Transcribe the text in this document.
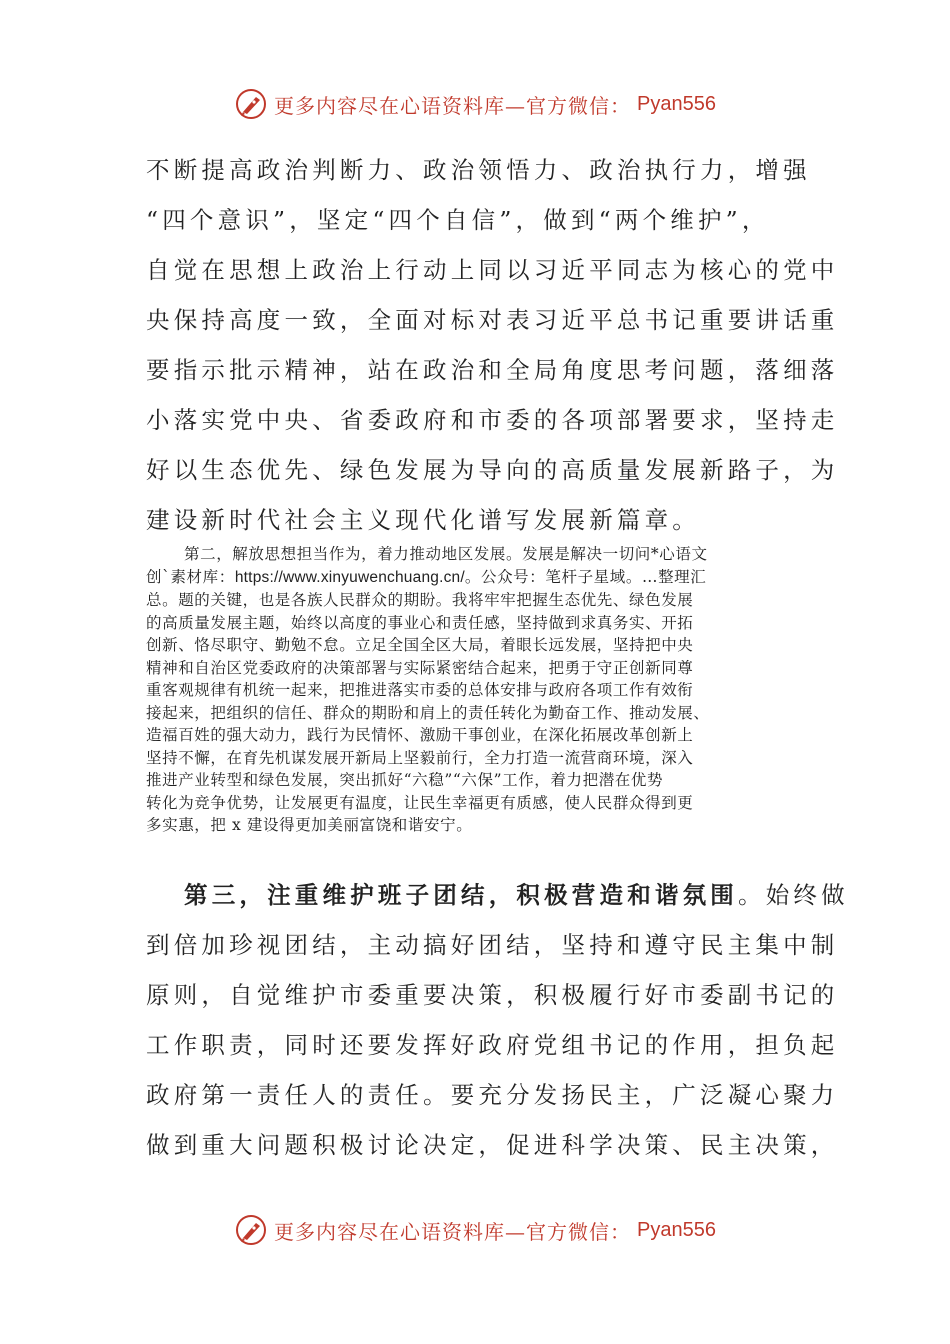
更多内容尽在心语资料库—官方微信： Pyan556
不断提高政治判断力、政治领悟力、政治执行力，增强
“四个意识”，坚定“四个自信”，做到“两个维护”，
自觉在思想上政治上行动上同以习近平同志为核心的党中
央保持高度一致，全面对标对表习近平总书记重要讲话重
要指示批示精神，站在政治和全局角度思考问题，落细落
小落实党中央、省委政府和市委的各项部署要求，坚持走
好以生态优先、绿色发展为导向的高质量发展新路子，为
建设新时代社会主义现代化谱写发展新篇章。
第二，解放思想担当作为，着力推动地区发展。发展是解决一切问*心语文
创`素材库：https://www.xinyuwenchuang.cn/。公众号：笔杆子星域。…整理汇
总。题的关键，也是各族人民群众的期盼。我将牢牢把握生态优先、绿色发展
的高质量发展主题，始终以高度的事业心和责任感，坚持做到求真务实、开拓
创新、恪尽职守、勤勉不怠。立足全国全区大局，着眼长远发展，坚持把中央
精神和自治区党委政府的决策部署与实际紧密结合起来，把勇于守正创新同尊
重客观规律有机统一起来，把推进落实市委的总体安排与政府各项工作有效衔
接起来，把组织的信任、群众的期盼和肩上的责任转化为勤奋工作、推动发展、
造福百姓的强大动力，践行为民情怀、激励干事创业，在深化拓展改革创新上
坚持不懈，在育先机谋发展开新局上坚毅前行，全力打造一流营商环境，深入
推进产业转型和绿色发展，突出抓好“六稳”“六保”工作，着力把潜在优势
转化为竞争优势，让发展更有温度，让民生幸福更有质感，使人民群众得到更
多实惠，把 x 建设得更加美丽富饶和谐安宁。
第三，注重维护班子团结，积极营造和谐氛围。始终做
到倍加珍视团结，主动搞好团结，坚持和遵守民主集中制
原则，自觉维护市委重要决策，积极履行好市委副书记的
工作职责，同时还要发挥好政府党组书记的作用，担负起
政府第一责任人的责任。要充分发扬民主，广泛凝心聚力
做到重大问题积极讨论决定，促进科学决策、民主决策，
更多内容尽在心语资料库—官方微信： Pyan556
